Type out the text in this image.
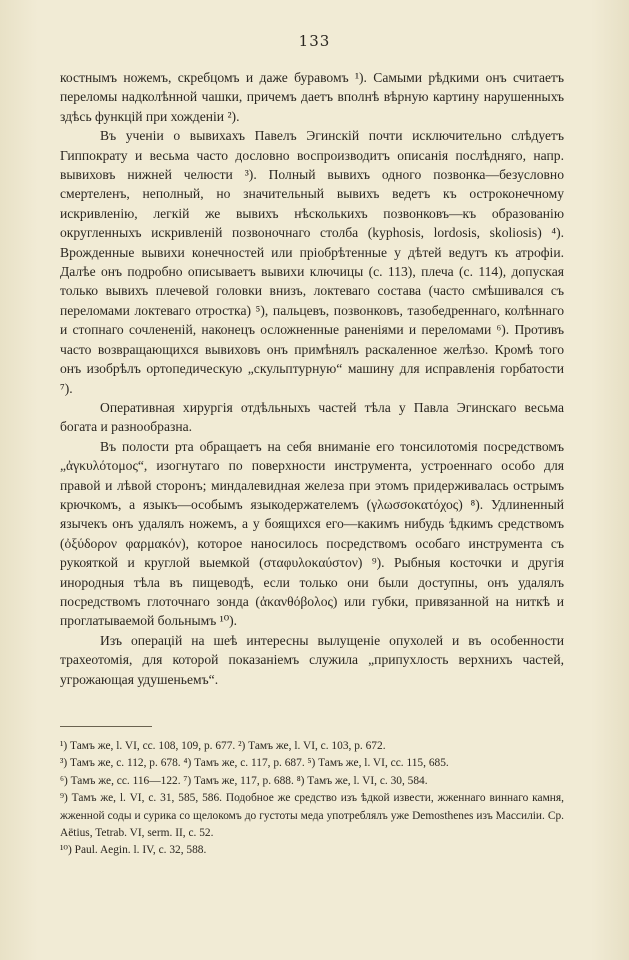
133

костнымъ ножемъ, скребцомъ и даже буравомъ ¹). Самыми рѣдкими онъ считаетъ переломы надколѣнной чашки, причемъ даетъ вполнѣ вѣрную картину нарушенныхъ здѣсь функцій при хожденіи ²).

Въ ученіи о вывихахъ Павелъ Эгинскій почти исключительно слѣдуетъ Гиппократу и весьма часто дословно воспроизводитъ описанія послѣдняго, напр. вывиховъ нижней челюсти ³). Полный вывихъ одного позвонка—безусловно смертеленъ, неполный, но значительный вывихъ ведетъ къ остроконечному искривленію, легкій же вывихъ нѣсколькихъ позвонковъ—къ образованію округленныхъ искривленій позвоночнаго столба (kyphosis, lordosis, skoliosis) ⁴). Врожденные вывихи конечностей или пріобрѣтенные у дѣтей ведутъ къ атрофіи. Далѣе онъ подробно описываетъ вывихи ключицы (с. 113), плеча (с. 114), допуская только вывихъ плечевой головки внизъ, локтеваго состава (часто смѣшивался съ переломами локтеваго отростка) ⁵), пальцевъ, позвонковъ, тазобедреннаго, колѣннаго и стопнаго сочлененій, наконецъ осложненные раненіями и переломами ⁶). Противъ часто возвращающихся вывиховъ онъ примѣнялъ раскаленное желѣзо. Кромѣ того онъ изобрѣлъ ортопедическую „скульптурную“ машину для исправленія горбатости ⁷).

Оперативная хирургія отдѣльныхъ частей тѣла у Павла Эгинскаго весьма богата и разнообразна.

Въ полости рта обращаетъ на себя вниманіе его тонсилотомія посредствомъ „ἀγκυλότομος“, изогнутаго по поверхности инструмента, устроеннаго особо для правой и лѣвой сторонъ; миндалевидная железа при этомъ придерживалась острымъ крючкомъ, а языкъ—особымъ языкодержателемъ (γλωσσοκατόχος) ⁸). Удлиненный язычекъ онъ удалялъ ножемъ, а у боящихся его—какимъ нибудь ѣдкимъ средствомъ (ὀξύδορον φαρμακόν), которое наносилось посредствомъ особаго инструмента съ рукояткой и круглой выемкой (σταφυλοκαύστον) ⁹). Рыбныя косточки и другія инородныя тѣла въ пищеводѣ, если только они были доступны, онъ удалялъ посредствомъ глоточнаго зонда (ἀκανθόβολος) или губки, привязанной на ниткѣ и проглатываемой больнымъ ¹⁰).

Изъ операцій на шеѣ интересны вылущеніе опухолей и въ особенности трахеотомія, для которой показаніемъ служила „припухлость верхнихъ частей, угрожающая удушеньемъ“.

¹) Тамъ же, l. VI, cc. 108, 109, p. 677. ²) Тамъ же, l. VI, c. 103, p. 672.

³) Тамъ же, c. 112, p. 678. ⁴) Тамъ же, c. 117, p. 687. ⁵) Тамъ же, l. VI, cc. 115, 685.

⁶) Тамъ же, cc. 116—122. ⁷) Тамъ же, 117, p. 688. ⁸) Тамъ же, l. VI, c. 30, 584.

⁹) Тамъ же, l. VI, c. 31, 585, 586. Подобное же средство изъ ѣдкой извести, жженнаго виннаго камня, жженной соды и сурика со щелокомъ до густоты меда употреблялъ уже Demosthenes изъ Массиліи. Ср. Aëtius, Tetrab. VI, serm. II, c. 52.

¹⁰) Paul. Aegin. l. IV, c. 32, 588.
